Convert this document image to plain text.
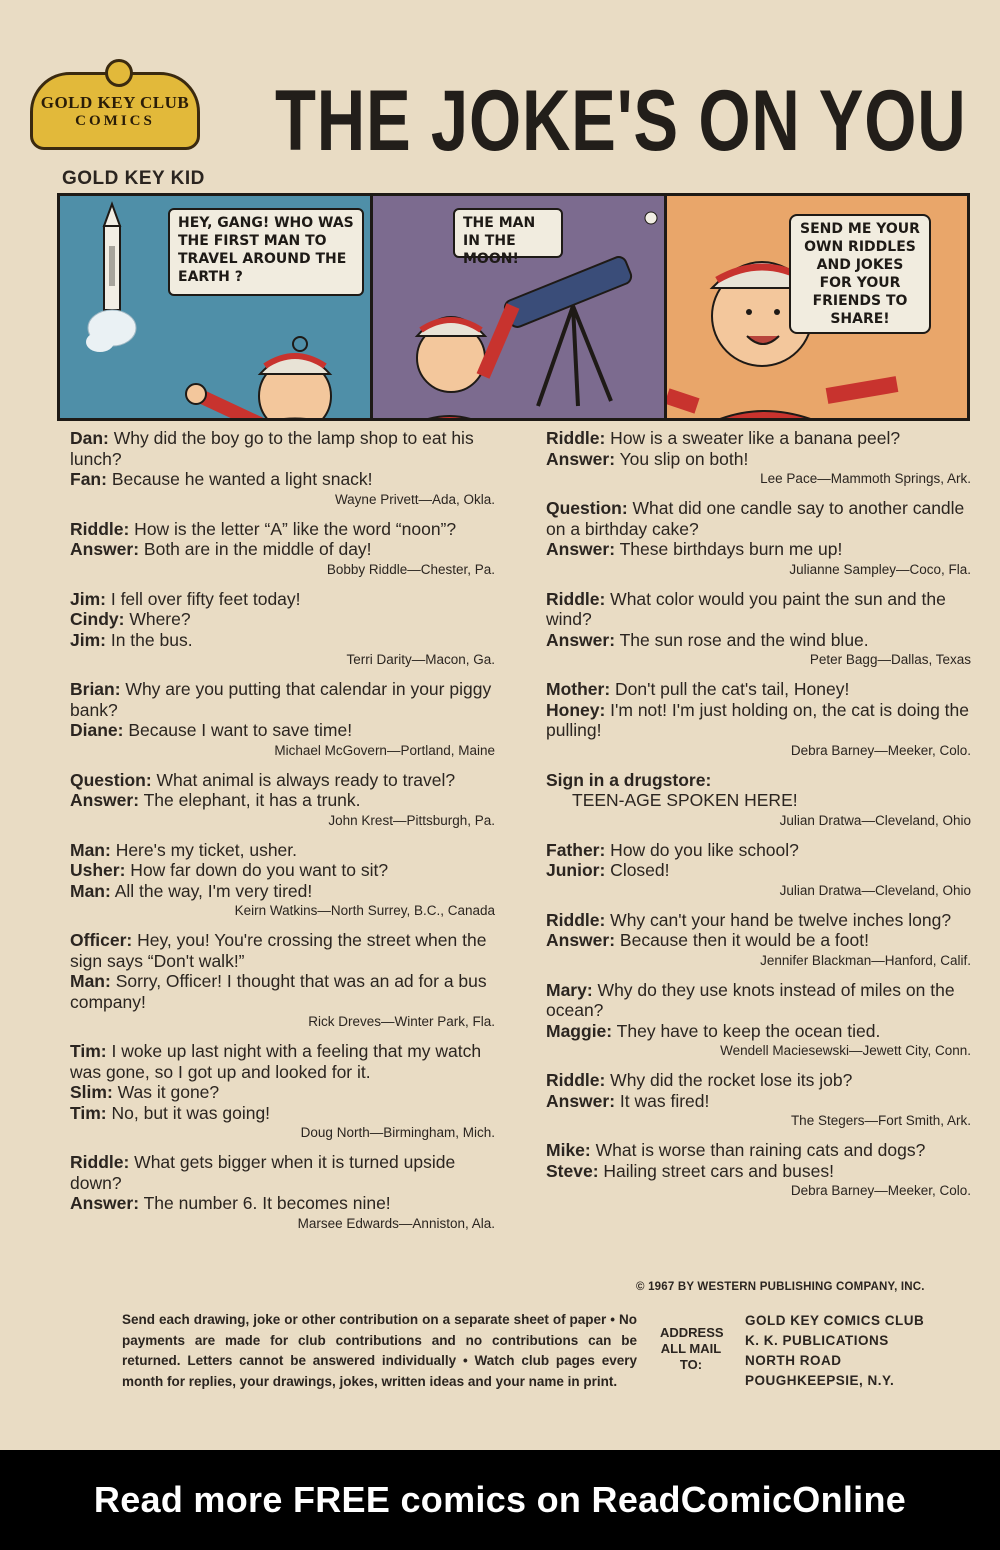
GOLD KEY CLUB
COMICS
GOLD KEY KID
THE JOKE'S ON YOU
HEY, GANG! WHO WAS THE FIRST MAN TO TRAVEL AROUND THE EARTH ?
THE MAN IN THE MOON!
SEND ME YOUR OWN RIDDLES AND JOKES FOR YOUR FRIENDS TO SHARE!
Dan: Why did the boy go to the lamp shop to eat his lunch?
Fan: Because he wanted a light snack!
Wayne Privett—Ada, Okla.
Riddle: How is the letter “A” like the word “noon”?
Answer: Both are in the middle of day!
Bobby Riddle—Chester, Pa.
Jim: I fell over fifty feet today!
Cindy: Where?
Jim: In the bus.
Terri Darity—Macon, Ga.
Brian: Why are you putting that calendar in your piggy bank?
Diane: Because I want to save time!
Michael McGovern—Portland, Maine
Question: What animal is always ready to travel?
Answer: The elephant, it has a trunk.
John Krest—Pittsburgh, Pa.
Man: Here's my ticket, usher.
Usher: How far down do you want to sit?
Man: All the way, I'm very tired!
Keirn Watkins—North Surrey, B.C., Canada
Officer: Hey, you! You're crossing the street when the sign says “Don't walk!”
Man: Sorry, Officer! I thought that was an ad for a bus company!
Rick Dreves—Winter Park, Fla.
Tim: I woke up last night with a feeling that my watch was gone, so I got up and looked for it.
Slim: Was it gone?
Tim: No, but it was going!
Doug North—Birmingham, Mich.
Riddle: What gets bigger when it is turned upside down?
Answer: The number 6. It becomes nine!
Marsee Edwards—Anniston, Ala.
Riddle: How is a sweater like a banana peel?
Answer: You slip on both!
Lee Pace—Mammoth Springs, Ark.
Question: What did one candle say to another candle on a birthday cake?
Answer: These birthdays burn me up!
Julianne Sampley—Coco, Fla.
Riddle: What color would you paint the sun and the wind?
Answer: The sun rose and the wind blue.
Peter Bagg—Dallas, Texas
Mother: Don't pull the cat's tail, Honey!
Honey: I'm not! I'm just holding on, the cat is doing the pulling!
Debra Barney—Meeker, Colo.
Sign in a drugstore:
TEEN-AGE SPOKEN HERE!
Julian Dratwa—Cleveland, Ohio
Father: How do you like school?
Junior: Closed!
Julian Dratwa—Cleveland, Ohio
Riddle: Why can't your hand be twelve inches long?
Answer: Because then it would be a foot!
Jennifer Blackman—Hanford, Calif.
Mary: Why do they use knots instead of miles on the ocean?
Maggie: They have to keep the ocean tied.
Wendell Maciesewski—Jewett City, Conn.
Riddle: Why did the rocket lose its job?
Answer: It was fired!
The Stegers—Fort Smith, Ark.
Mike: What is worse than raining cats and dogs?
Steve: Hailing street cars and buses!
Debra Barney—Meeker, Colo.
© 1967 BY WESTERN PUBLISHING COMPANY, INC.
Send each drawing, joke or other contribution on a separate sheet of paper • No payments are made for club contributions and no contributions can be returned. Letters cannot be answered individually • Watch club pages every month for replies, your drawings, jokes, written ideas and your name in print.
ADDRESS ALL MAIL TO:
GOLD KEY COMICS CLUB
K. K. PUBLICATIONS
NORTH ROAD
POUGHKEEPSIE, N.Y.
Read more FREE comics on ReadComicOnline
